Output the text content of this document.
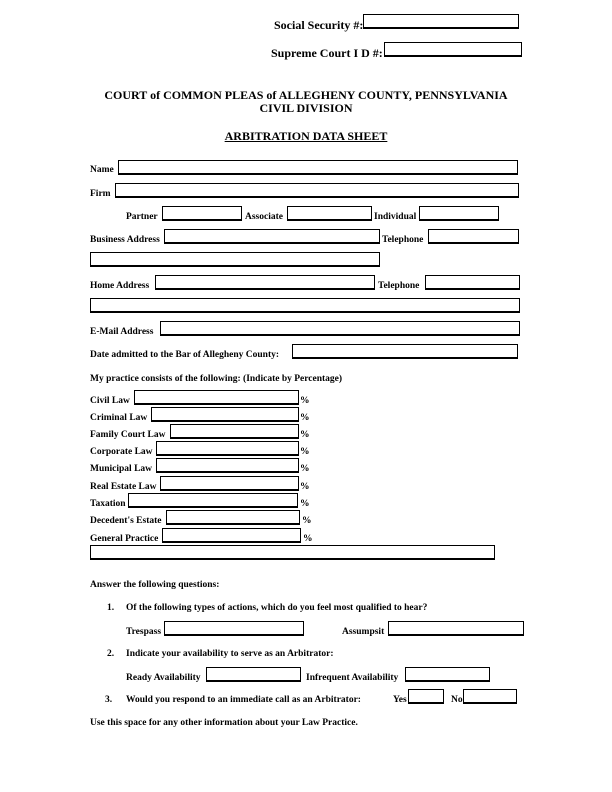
Social Security #:
Supreme Court I D #:
COURT of COMMON PLEAS of ALLEGHENY COUNTY, PENNSYLVANIA
CIVIL DIVISION
ARBITRATION DATA SHEET
Name
Firm
Partner	Associate	Individual
Business Address	Telephone
Home Address	Telephone
E-Mail Address
Date admitted to the Bar of Allegheny County:
My practice consists of the following: (Indicate by Percentage)
Civil Law	%
Criminal Law	%
Family Court Law	%
Corporate Law	%
Municipal Law	%
Real Estate Law	%
Taxation	%
Decedent's Estate	%
General Practice	%
Answer the following questions:
1. Of the following types of actions, which do you feel most qualified to hear?
Trespass	Assumpsit
2. Indicate your availability to serve as an Arbitrator:
Ready Availability	Infrequent Availability
3. Would you respond to an immediate call as an Arbitrator:	Yes	No
Use this space for any other information about your Law Practice.
